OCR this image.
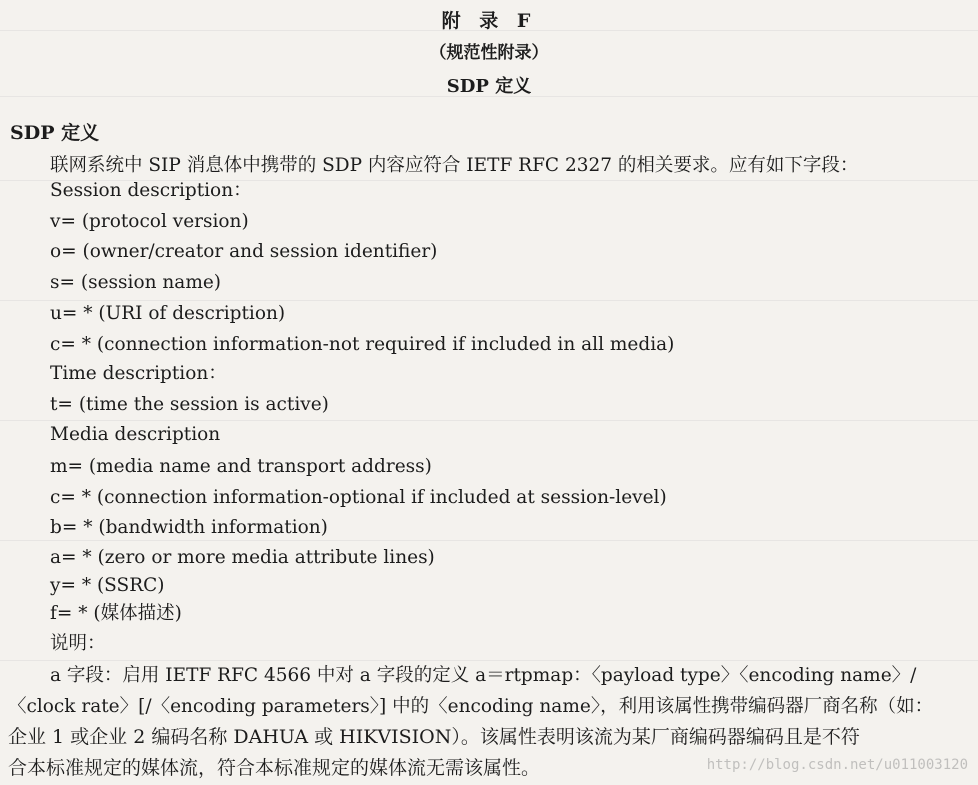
附 录 F
（规范性附录）
SDP 定义
SDP 定义
联网系统中 SIP 消息体中携带的 SDP 内容应符合 IETF RFC 2327 的相关要求。应有如下字段：
Session description：
v= (protocol version)
o= (owner/creator and session identifier)
s= (session name)
u= * (URI of description)
c= * (connection information-not required if included in all media)
Time description：
t= (time the session is active)
Media description
m= (media name and transport address)
c= * (connection information-optional if included at session-level)
b= * (bandwidth information)
a= * (zero or more media attribute lines)
y= * (SSRC)
f= * (媒体描述)
说明：
a 字段：启用 IETF RFC 4566 中对 a 字段的定义 a＝rtpmap：〈payload type〉〈encoding name〉/
〈clock rate〉[/〈encoding parameters〉] 中的〈encoding name〉，利用该属性携带编码器厂商名称（如：
企业 1 或企业 2 编码名称 DAHUA 或 HIKVISION）。该属性表明该流为某厂商编码器编码且是不符
合本标准规定的媒体流，符合本标准规定的媒体流无需该属性。	http://blog.csdn.net/u011003120
